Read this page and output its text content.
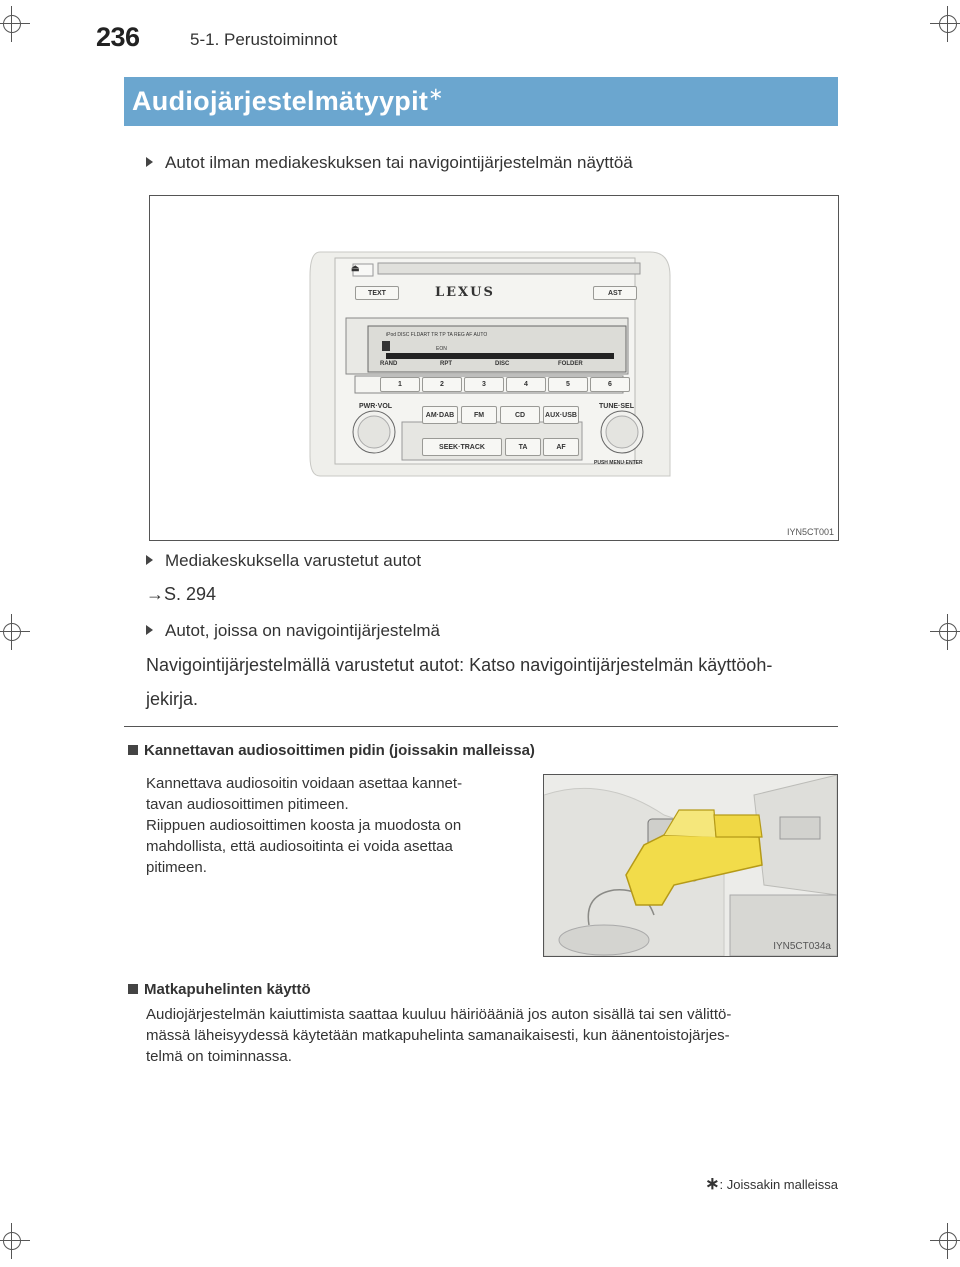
236	5-1. Perustoiminnot
Audiojärjestelmätyypit∗
Autot ilman mediakeskuksen tai navigointijärjestelmän näyttöä
⏏
TEXT	LEXUS	AST
iPod DISC FLDART TR TP TA REG AF AUTO
EON
RAND	RPT	DISC	FOLDER
1	2	3	4	5	6
PWR·VOL	TUNE·SEL
AM·DAB	FM	CD	AUX·USB
SEEK·TRACK	TA	AF
PUSH MENU·ENTER
IYN5CT001
Mediakeskuksella varustetut autot
→S. 294
Autot, joissa on navigointijärjestelmä
Navigointijärjestelmällä varustetut autot: Katso navigointijärjestelmän käyttöoh-
jekirja.
Kannettavan audiosoittimen pidin (joissakin malleissa)
Kannettava audiosoitin voidaan asettaa kannet-
tavan audiosoittimen pitimeen.
Riippuen audiosoittimen koosta ja muodosta on
mahdollista, että audiosoitinta ei voida asettaa
pitimeen.
IYN5CT034a
Matkapuhelinten käyttö
Audiojärjestelmän kaiuttimista saattaa kuuluu häiriöääniä jos auton sisällä tai sen välittö-
mässä läheisyydessä käytetään matkapuhelinta samanaikaisesti, kun äänentoistojärjes-
telmä on toiminnassa.
∗: Joissakin malleissa
